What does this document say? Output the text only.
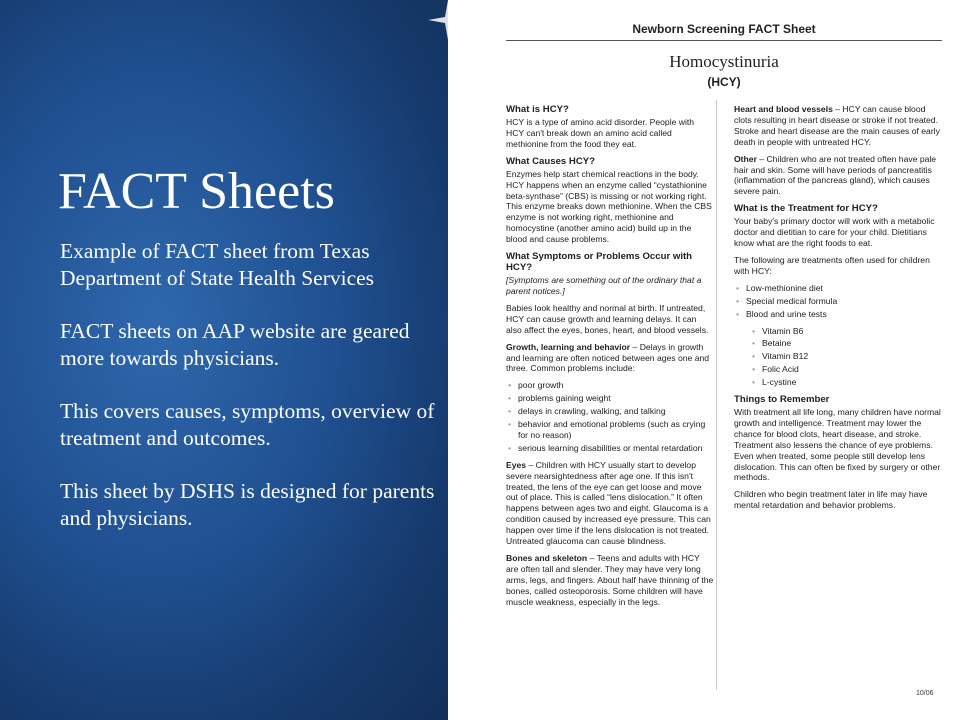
FACT Sheets

Example of FACT sheet from Texas Department of State Health Services

FACT sheets on AAP website are geared more towards physicians.

This covers causes, symptoms, overview of treatment and outcomes.

This sheet by DSHS is designed for parents and physicians.

Newborn Screening FACT Sheet
Homocystinuria
(HCY)
What is HCY?

HCY is a type of amino acid disorder. People with HCY can't break down an amino acid called methionine from the food they eat.

What Causes HCY?

Enzymes help start chemical reactions in the body. HCY happens when an enzyme called “cystathionine beta-synthase” (CBS) is missing or not working right. This enzyme breaks down methionine. When the CBS enzyme is not working right, methionine and homocystine (another amino acid) build up in the blood and cause problems.

What Symptoms or Problems Occur with HCY?

[Symptoms are something out of the ordinary that a parent notices.]

Babies look healthy and normal at birth. If untreated, HCY can cause growth and learning delays. It can also affect the eyes, bones, heart, and blood vessels.

Growth, learning and behavior – Delays in growth and learning are often noticed between ages one and three. Common problems include:

• poor growth
• problems gaining weight
• delays in crawling, walking, and talking
• behavior and emotional problems (such as crying for no reason)
• serious learning disabilities or mental retardation

Eyes – Children with HCY usually start to develop severe nearsightedness after age one. If this isn't treated, the lens of the eye can get loose and move out of place. This is called “lens dislocation.” It often happens between ages two and eight. Glaucoma is a condition caused by increased eye pressure. This can happen over time if the lens dislocation is not treated. Untreated glaucoma can cause blindness.

Bones and skeleton – Teens and adults with HCY are often tall and slender. They may have very long arms, legs, and fingers. About half have thinning of the bones, called osteoporosis. Some children will have muscle weakness, especially in the legs.

Heart and blood vessels – HCY can cause blood clots resulting in heart disease or stroke if not treated. Stroke and heart disease are the main causes of early death in people with untreated HCY.

Other – Children who are not treated often have pale hair and skin. Some will have periods of pancreatitis (inflammation of the pancreas gland), which causes severe pain.

What is the Treatment for HCY?

Your baby's primary doctor will work with a metabolic doctor and dietitian to care for your child. Dietitians know what are the right foods to eat.

The following are treatments often used for children with HCY:

• Low-methionine diet
• Special medical formula
• Blood and urine tests
• Vitamin B6
• Betaine
• Vitamin B12
• Folic Acid
• L-cystine
Things to Remember

With treatment all life long, many children have normal growth and intelligence. Treatment may lower the chance for blood clots, heart disease, and stroke. Treatment also lessens the chance of eye problems. Even when treated, some people still develop lens dislocation. This can often be fixed by surgery or other methods.

Children who begin treatment later in life may have mental retardation and behavior problems.

10/06
